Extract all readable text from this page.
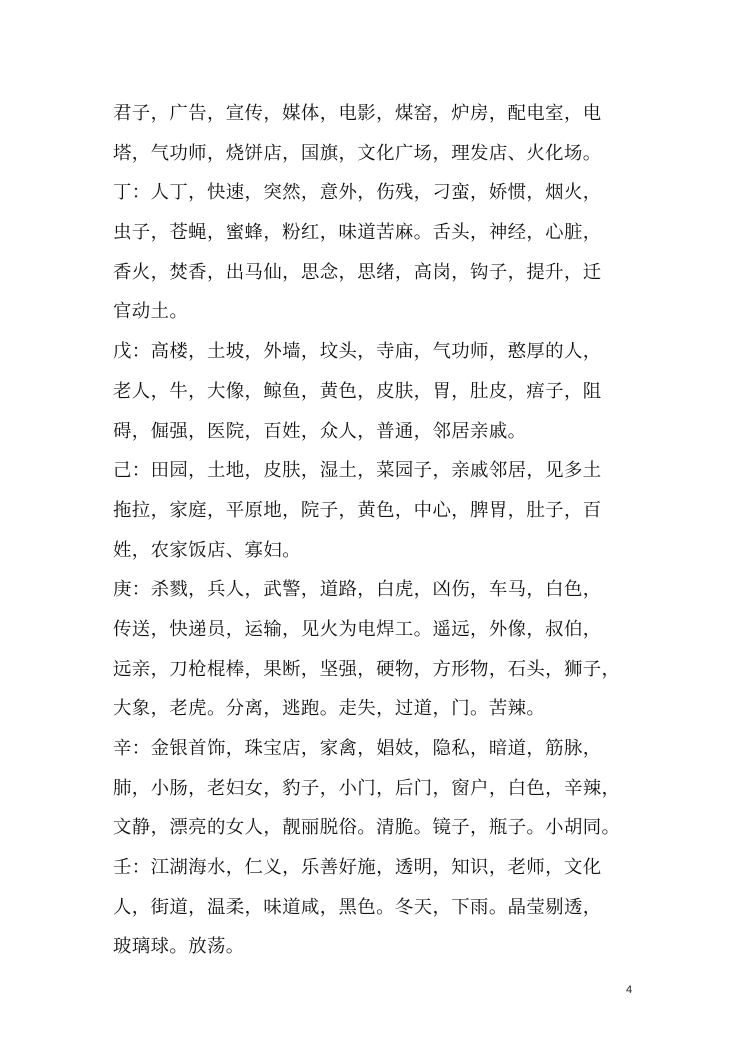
君子，广告，宣传，媒体，电影，煤窑，炉房，配电室，电
塔，气功师，烧饼店，国旗，文化广场，理发店、火化场。
丁：人丁，快速，突然，意外，伤残，刁蛮，娇惯，烟火，
虫子，苍蝇，蜜蜂，粉红，味道苦麻。舌头，神经，心脏，
香火，焚香，出马仙，思念，思绪，高岗，钩子，提升，迁
官动土。
戊：高楼，土坡，外墙，坟头，寺庙，气功师，憨厚的人，
老人，牛，大像，鲸鱼，黄色，皮肤，胃，肚皮，痦子，阻
碍，倔强，医院，百姓，众人，普通，邻居亲戚。
己：田园，土地，皮肤，湿土，菜园子，亲戚邻居，见多土
拖拉，家庭，平原地，院子，黄色，中心，脾胃，肚子，百
姓，农家饭店、寡妇。
庚：杀戮，兵人，武警，道路，白虎，凶伤，车马，白色，
传送，快递员，运输，见火为电焊工。遥远，外像，叔伯，
远亲，刀枪棍棒，果断，坚强，硬物，方形物，石头，狮子，
大象，老虎。分离，逃跑。走失，过道，门。苦辣。
辛：金银首饰，珠宝店，家禽，娼妓，隐私，暗道，筋脉，
肺，小肠，老妇女，豹子，小门，后门，窗户，白色，辛辣，
文静，漂亮的女人，靓丽脱俗。清脆。镜子，瓶子。小胡同。
壬：江湖海水，仁义，乐善好施，透明，知识，老师，文化
人，街道，温柔，味道咸，黑色。冬天，下雨。晶莹剔透，
玻璃球。放荡。
4
